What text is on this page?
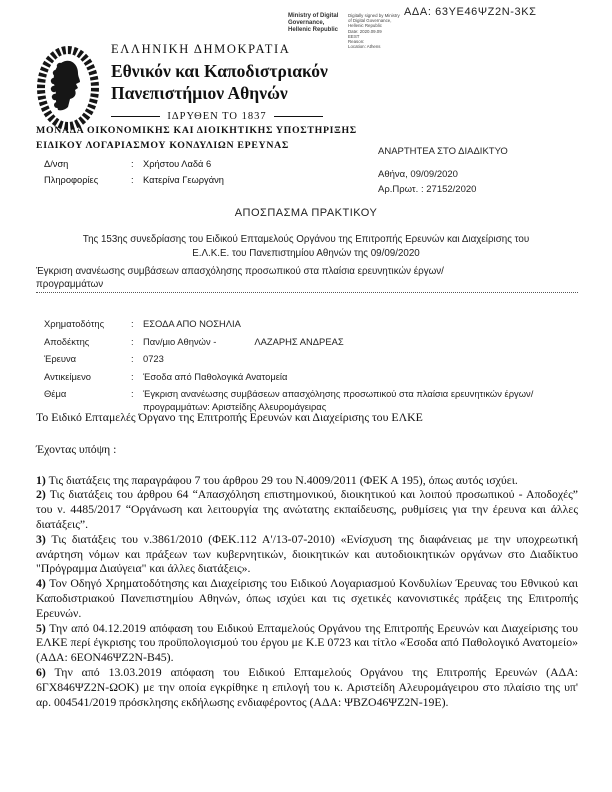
ΑΔΑ: 63ΥΕ46ΨΖ2Ν-3ΚΣ
Ministry of Digital
Governance,
Hellenic Republic
Digitally signed by Ministry
of Digital Governance,
Hellenic Republic
Date: 2020.09.09
EEST
Reason:
Location: Athens
ΕΛΛΗΝΙΚΗ ΔΗΜΟΚΡΑΤΙΑ
Εθνικόν και Καποδιστριακόν
Πανεπιστήμιον Αθηνών
ΙΔΡΥΘΕΝ ΤΟ 1837
ΜΟΝΑΔΑ ΟΙΚΟΝΟΜΙΚΗΣ ΚΑΙ ΔΙΟΙΚΗΤΙΚΗΣ ΥΠΟΣΤΗΡΙΞΗΣ
ΕΙΔΙΚΟΥ ΛΟΓΑΡΙΑΣΜΟΥ ΚΟΝΔΥΛΙΩΝ ΕΡΕΥΝΑΣ
Δ/νση	:	Χρήστου Λαδά 6
Πληροφορίες	:	Κατερίνα Γεωργάνη
ΑΝΑΡΤΗΤΕΑ ΣΤΟ ΔΙΑΔΙΚΤΥΟ
Αθήνα, 09/09/2020
Αρ.Πρωτ. : 27152/2020
ΑΠΟΣΠΑΣΜΑ ΠΡΑΚΤΙΚΟΥ
Της 153ης συνεδρίασης του Ειδικού Επταμελούς Οργάνου της Επιτροπής Ερευνών και Διαχείρισης του
Ε.Λ.Κ.Ε. του Πανεπιστημίου Αθηνών της 09/09/2020
Έγκριση ανανέωσης συμβάσεων απασχόλησης προσωπικού στα πλαίσια ερευνητικών έργων/
προγραμμάτων
Χρηματοδότης	: ΕΣΟΔΑ ΑΠΟ ΝΟΣΗΛΙΑ
Αποδέκτης	: Παν/μιο Αθηνών -	ΛΑΖΑΡΗΣ ΑΝΔΡΕΑΣ
Έρευνα	: 0723
Αντικείμενο	: Έσοδα από Παθολογικά Ανατομεία
Θέμα	: Έγκριση ανανέωσης συμβάσεων απασχόλησης προσωπικού στα πλαίσια ερευνητικών έργων/προγραμμάτων: Αριστείδης Αλευρομάγειρας

Το Ειδικό Επταμελές Όργανο της Επιτροπής Ερευνών και Διαχείρισης του ΕΛΚΕ

Έχοντας υπόψη :

1) Τις διατάξεις της παραγράφου 7 του άρθρου 29 του Ν.4009/2011 (ΦΕΚ Α 195), όπως αυτός ισχύει.

2) Τις διατάξεις του άρθρου 64 “Απασχόληση επιστημονικού, διοικητικού και λοιπού προσωπικού - Αποδοχές” του ν. 4485/2017 “Οργάνωση και λειτουργία της ανώτατης εκπαίδευσης, ρυθμίσεις για την έρευνα και άλλες διατάξεις”.

3) Τις διατάξεις του ν.3861/2010 (ΦΕΚ.112 Α'/13-07-2010) «Ενίσχυση της διαφάνειας με την υποχρεωτική ανάρτηση νόμων και πράξεων των κυβερνητικών, διοικητικών και αυτοδιοικητικών οργάνων στο Διαδίκτυο "Πρόγραμμα Διαύγεια" και άλλες διατάξεις».

4) Τον Οδηγό Χρηματοδότησης και Διαχείρισης του Ειδικού Λογαριασμού Κονδυλίων Έρευνας του Εθνικού και Καποδιστριακού Πανεπιστημίου Αθηνών, όπως ισχύει και τις σχετικές κανονιστικές πράξεις της Επιτροπής Ερευνών.

5) Την από 04.12.2019 απόφαση του Ειδικού Επταμελούς Οργάνου της Επιτροπής Ερευνών και Διαχείρισης του ΕΛΚΕ περί έγκρισης του προϋπολογισμού του έργου με Κ.Ε 0723 και τίτλο «Έσοδα από Παθολογικό Ανατομείο» (ΑΔΑ: 6ΕΟΝ46ΨΖ2Ν-Β45).

6) Την από 13.03.2019 απόφαση του Ειδικού Επταμελούς Οργάνου της Επιτροπής Ερευνών (ΑΔΑ: 6ΓΧ846ΨΖ2Ν-ΩΟΚ) με την οποία εγκρίθηκε η επιλογή του κ. Αριστείδη Αλευρομάγειρου στο πλαίσιο της υπ' αρ. 004541/2019 πρόσκλησης εκδήλωσης ενδιαφέροντος (ΑΔΑ: ΨΒΖΟ46ΨΖ2Ν-19Ε).
